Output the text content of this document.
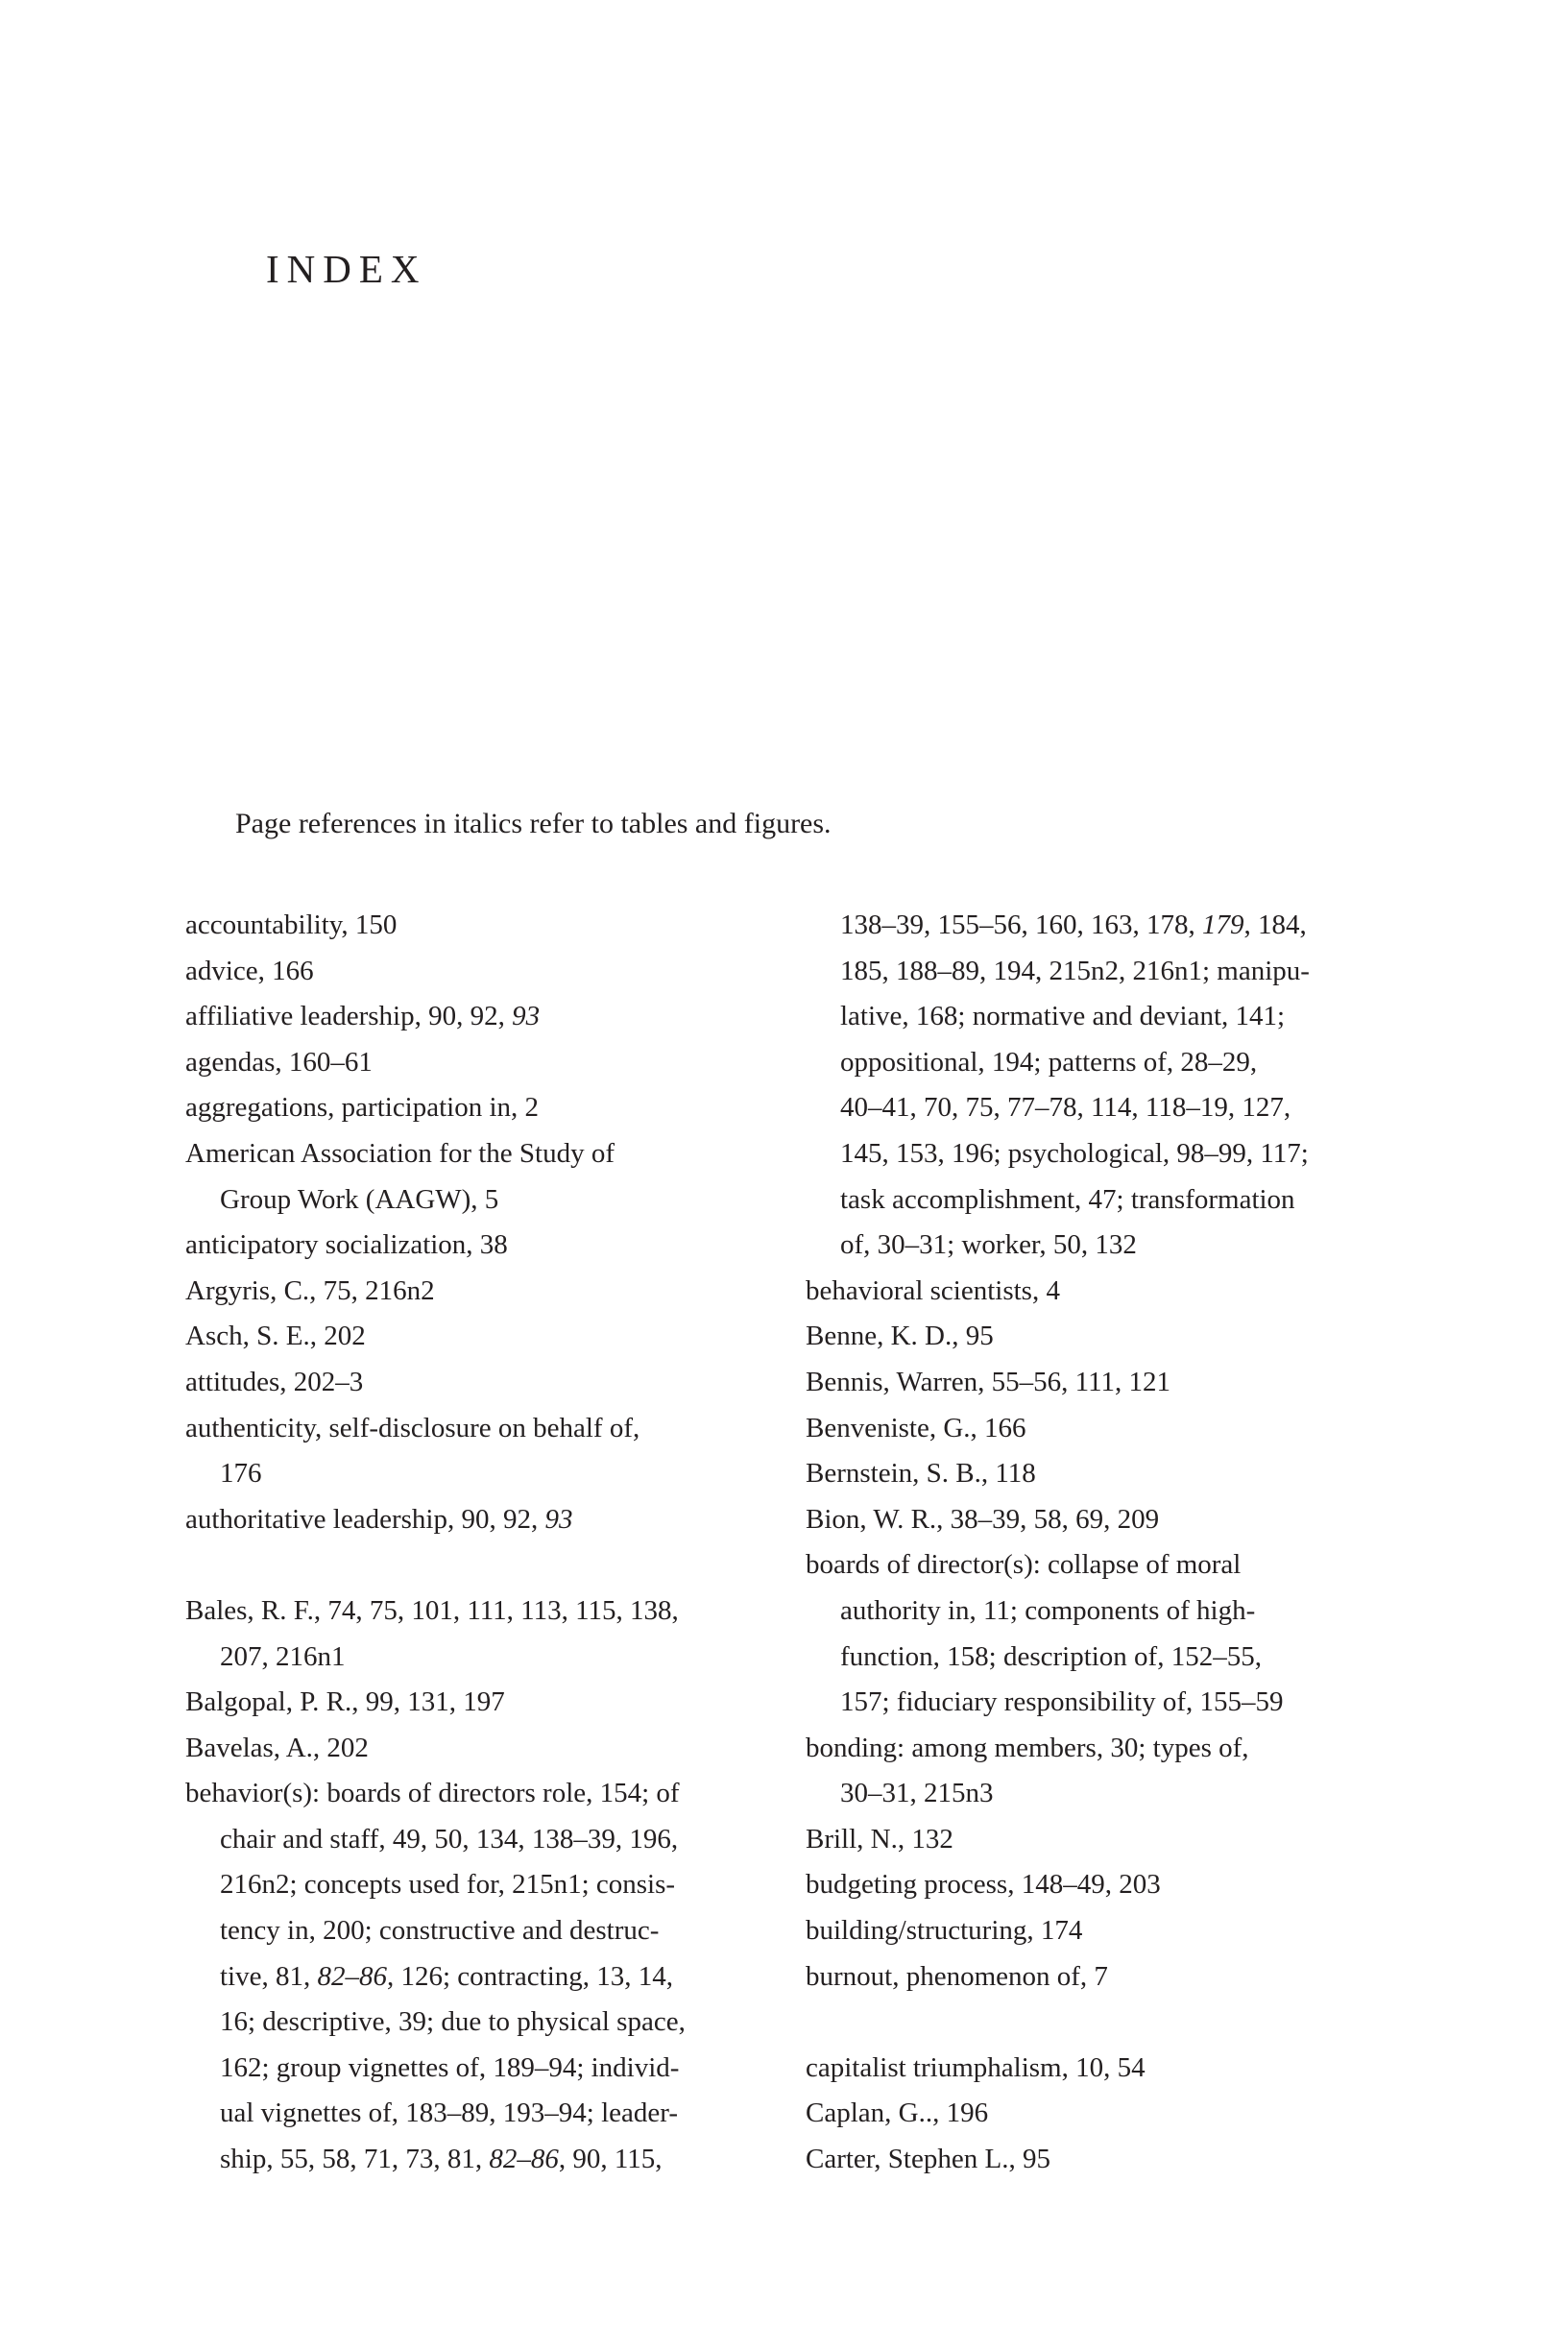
INDEX
Page references in italics refer to tables and figures.
accountability, 150
advice, 166
affiliative leadership, 90, 92, 93
agendas, 160–61
aggregations, participation in, 2
American Association for the Study of
Group Work (AAGW), 5
anticipatory socialization, 38
Argyris, C., 75, 216n2
Asch, S. E., 202
attitudes, 202–3
authenticity, self-disclosure on behalf of,
176
authoritative leadership, 90, 92, 93
Bales, R. F., 74, 75, 101, 111, 113, 115, 138,
207, 216n1
Balgopal, P. R., 99, 131, 197
Bavelas, A., 202
behavior(s): boards of directors role, 154; of
chair and staff, 49, 50, 134, 138–39, 196,
216n2; concepts used for, 215n1; consis-
tency in, 200; constructive and destruc-
tive, 81, 82–86, 126; contracting, 13, 14,
16; descriptive, 39; due to physical space,
162; group vignettes of, 189–94; individ-
ual vignettes of, 183–89, 193–94; leader-
ship, 55, 58, 71, 73, 81, 82–86, 90, 115,
138–39, 155–56, 160, 163, 178, 179, 184,
185, 188–89, 194, 215n2, 216n1; manipu-
lative, 168; normative and deviant, 141;
oppositional, 194; patterns of, 28–29,
40–41, 70, 75, 77–78, 114, 118–19, 127,
145, 153, 196; psychological, 98–99, 117;
task accomplishment, 47; transformation
of, 30–31; worker, 50, 132
behavioral scientists, 4
Benne, K. D., 95
Bennis, Warren, 55–56, 111, 121
Benveniste, G., 166
Bernstein, S. B., 118
Bion, W. R., 38–39, 58, 69, 209
boards of director(s): collapse of moral
authority in, 11; components of high-
function, 158; description of, 152–55,
157; fiduciary responsibility of, 155–59
bonding: among members, 30; types of,
30–31, 215n3
Brill, N., 132
budgeting process, 148–49, 203
building/structuring, 174
burnout, phenomenon of, 7
capitalist triumphalism, 10, 54
Caplan, G.., 196
Carter, Stephen L., 95
